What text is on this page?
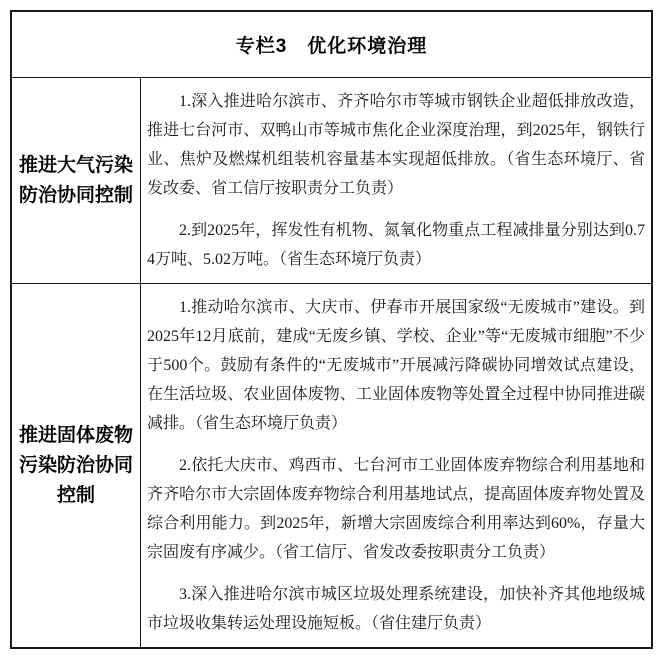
专栏3　优化环境治理
推进大气污染防治协同控制

1.深入推进哈尔滨市、齐齐哈尔市等城市钢铁企业超低排放改造，推进七台河市、双鸭山市等城市焦化企业深度治理，到2025年，钢铁行业、焦炉及燃煤机组装机容量基本实现超低排放。（省生态环境厅、省发改委、省工信厅按职责分工负责）

2.到2025年，挥发性有机物、氮氧化物重点工程减排量分别达到0.74万吨、5.02万吨。（省生态环境厅负责）

推进固体废物污染防治协同控制

1.推动哈尔滨市、大庆市、伊春市开展国家级“无废城市”建设。到2025年12月底前，建成“无废乡镇、学校、企业”等“无废城市细胞”不少于500个。鼓励有条件的“无废城市”开展减污降碳协同增效试点建设，在生活垃圾、农业固体废物、工业固体废物等处置全过程中协同推进碳减排。（省生态环境厅负责）

2.依托大庆市、鸡西市、七台河市工业固体废弃物综合利用基地和齐齐哈尔市大宗固体废弃物综合利用基地试点，提高固体废弃物处置及综合利用能力。到2025年，新增大宗固废综合利用率达到60%，存量大宗固废有序减少。（省工信厅、省发改委按职责分工负责）

3.深入推进哈尔滨市城区垃圾处理系统建设，加快补齐其他地级城市垃圾收集转运处理设施短板。（省住建厅负责）
